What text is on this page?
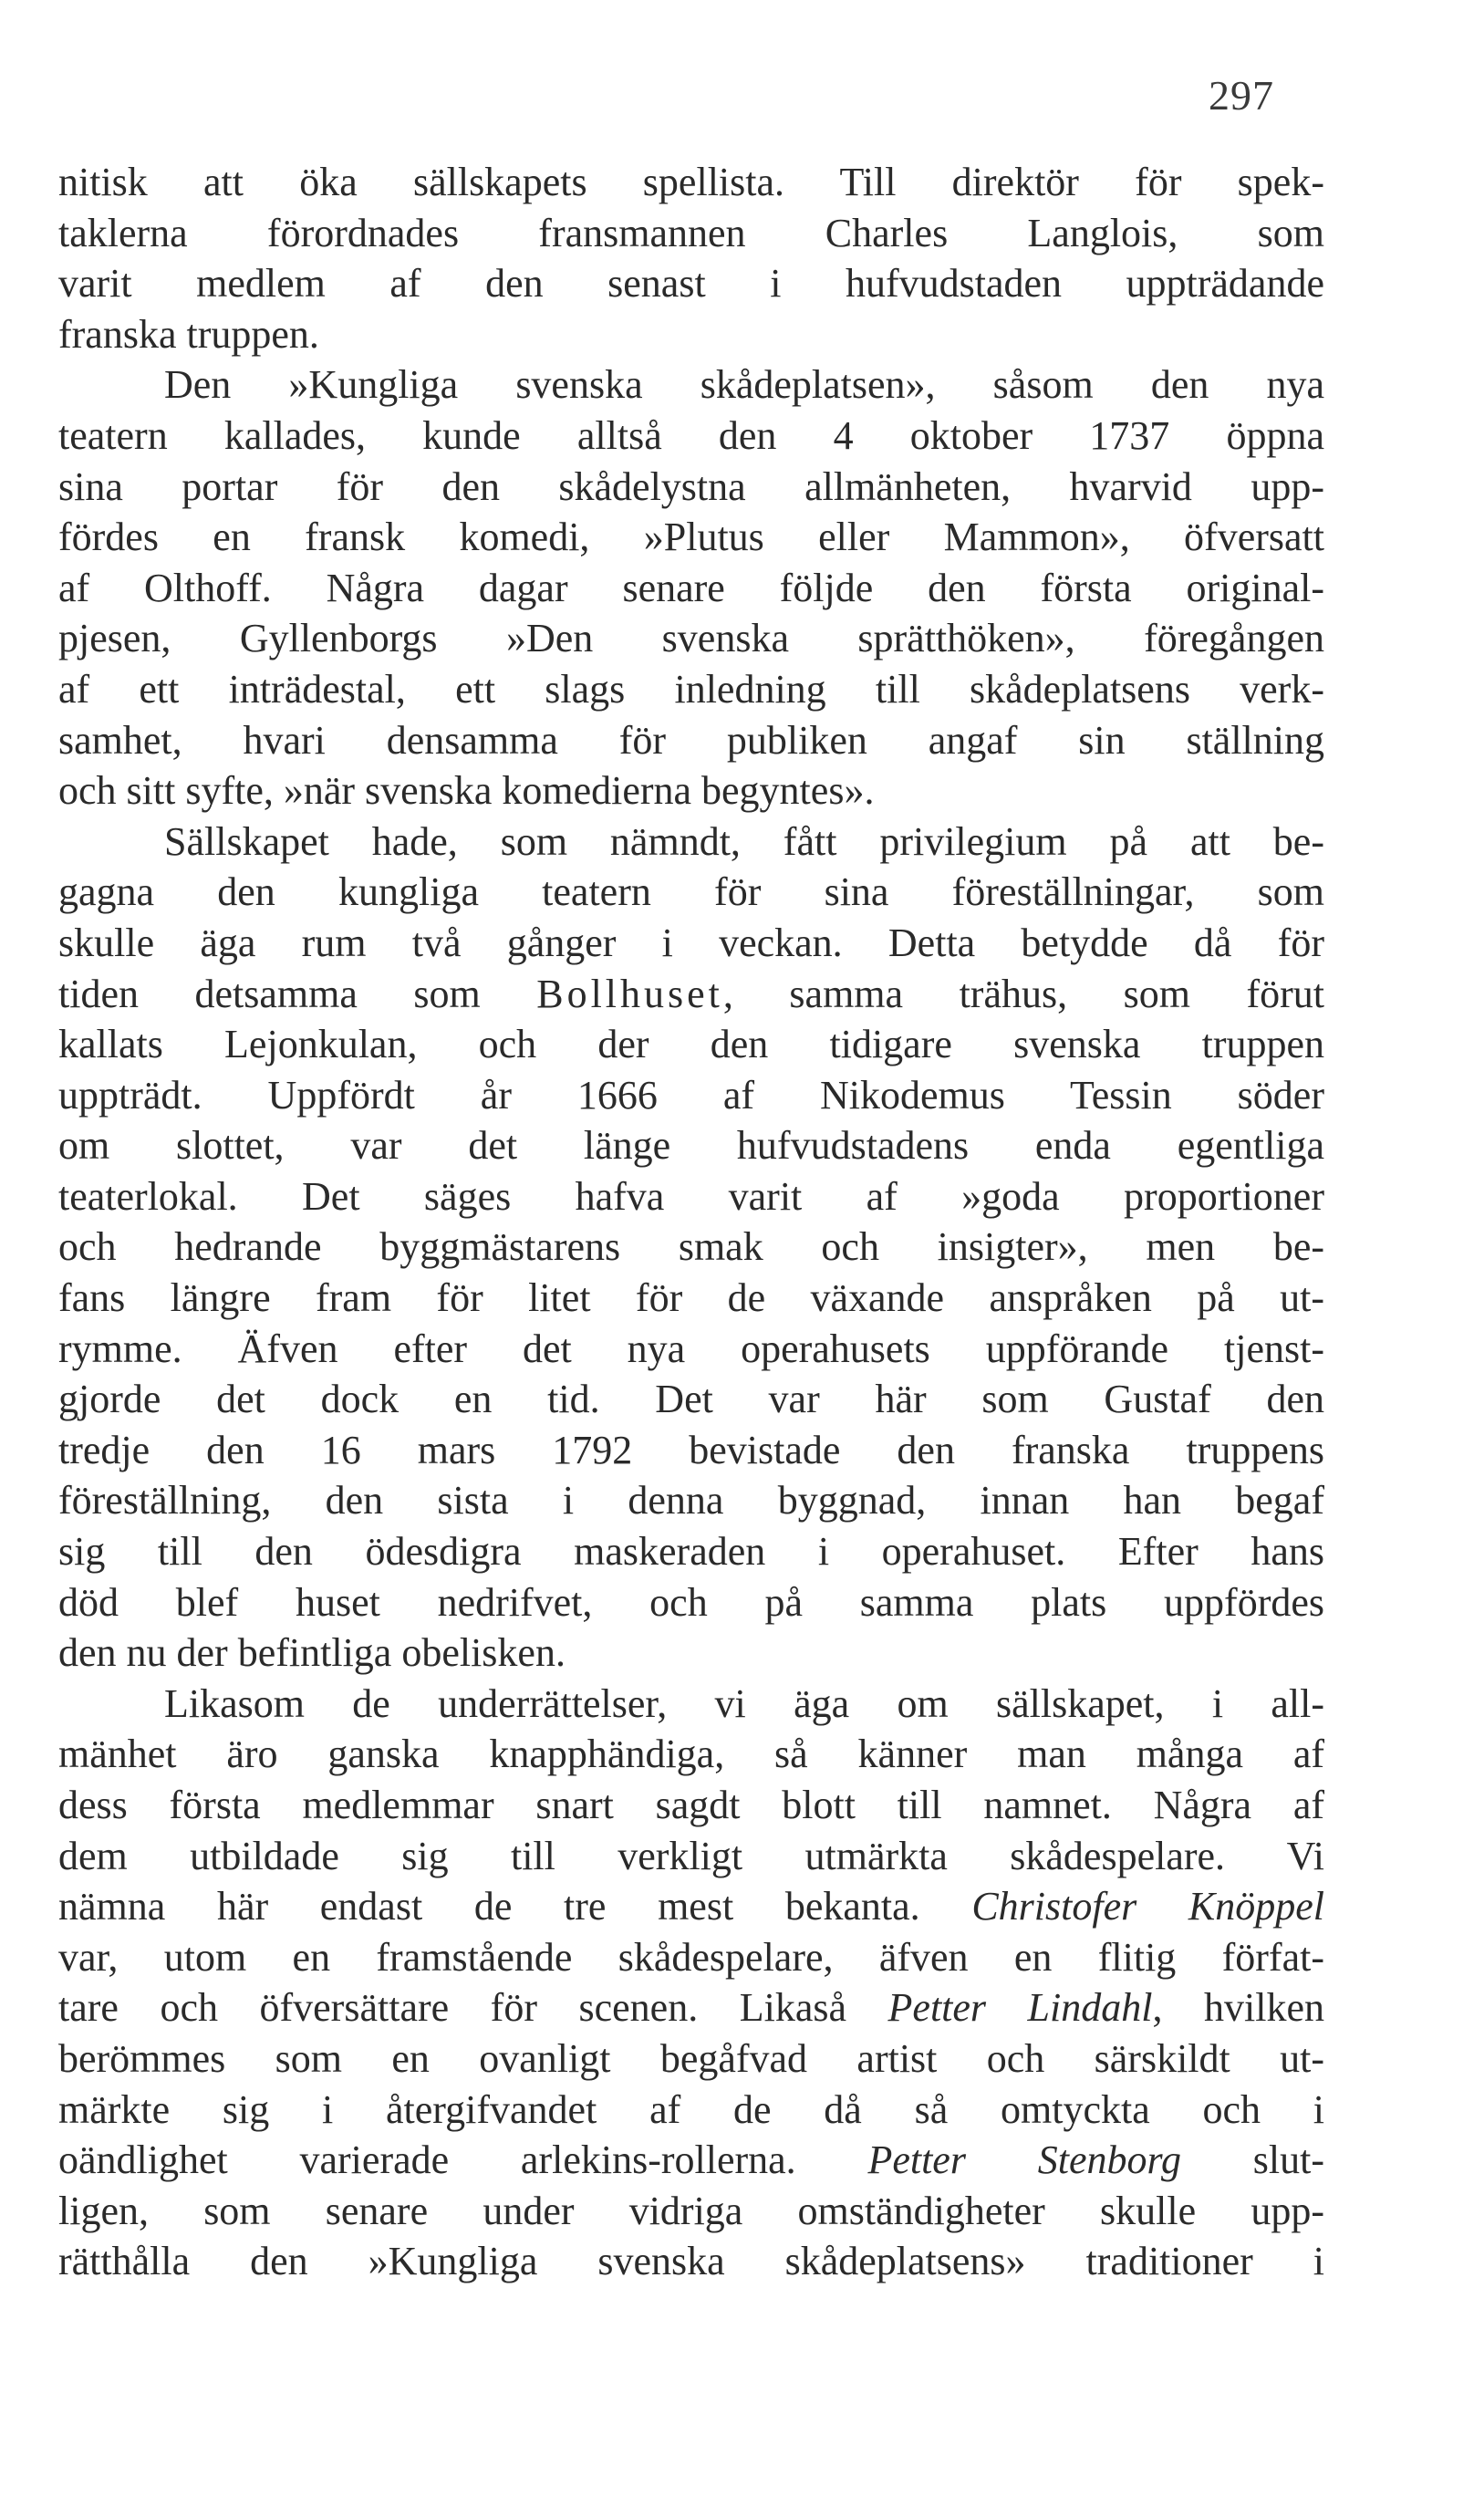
297
nitisk att öka sällskapets spellista. Till direktör för spek-
taklerna förordnades fransmannen Charles Langlois, som
varit medlem af den senast i hufvudstaden uppträdande
franska truppen.
Den »Kungliga svenska skådeplatsen», såsom den nya
teatern kallades, kunde alltså den 4 oktober 1737 öppna
sina portar för den skådelystna allmänheten, hvarvid upp-
fördes en fransk komedi, »Plutus eller Mammon», öfversatt
af Olthoff. Några dagar senare följde den första original-
pjesen, Gyllenborgs »Den svenska sprätthöken», föregången
af ett inträdestal, ett slags inledning till skådeplatsens verk-
samhet, hvari densamma för publiken angaf sin ställning
och sitt syfte, »när svenska komedierna begyntes».
Sällskapet hade, som nämndt, fått privilegium på att be-
gagna den kungliga teatern för sina föreställningar, som
skulle äga rum två gånger i veckan. Detta betydde då för
tiden detsamma som Bollhuset, samma trähus, som förut
kallats Lejonkulan, och der den tidigare svenska truppen
uppträdt. Uppfördt år 1666 af Nikodemus Tessin söder
om slottet, var det länge hufvudstadens enda egentliga
teaterlokal. Det säges hafva varit af »goda proportioner
och hedrande byggmästarens smak och insigter», men be-
fans längre fram för litet för de växande anspråken på ut-
rymme. Äfven efter det nya operahusets uppförande tjenst-
gjorde det dock en tid. Det var här som Gustaf den
tredje den 16 mars 1792 bevistade den franska truppens
föreställning, den sista i denna byggnad, innan han begaf
sig till den ödesdigra maskeraden i operahuset. Efter hans
död blef huset nedrifvet, och på samma plats uppfördes
den nu der befintliga obelisken.
Likasom de underrättelser, vi äga om sällskapet, i all-
mänhet äro ganska knapphändiga, så känner man många af
dess första medlemmar snart sagdt blott till namnet. Några af
dem utbildade sig till verkligt utmärkta skådespelare. Vi
nämna här endast de tre mest bekanta. Christofer Knöppel
var, utom en framstående skådespelare, äfven en flitig förfat-
tare och öfversättare för scenen. Likaså Petter Lindahl, hvilken
berömmes som en ovanligt begåfvad artist och särskildt ut-
märkte sig i återgifvandet af de då så omtyckta och i
oändlighet varierade arlekins-rollerna. Petter Stenborg slut-
ligen, som senare under vidriga omständigheter skulle upp-
rätthålla den »Kungliga svenska skådeplatsens» traditioner i
